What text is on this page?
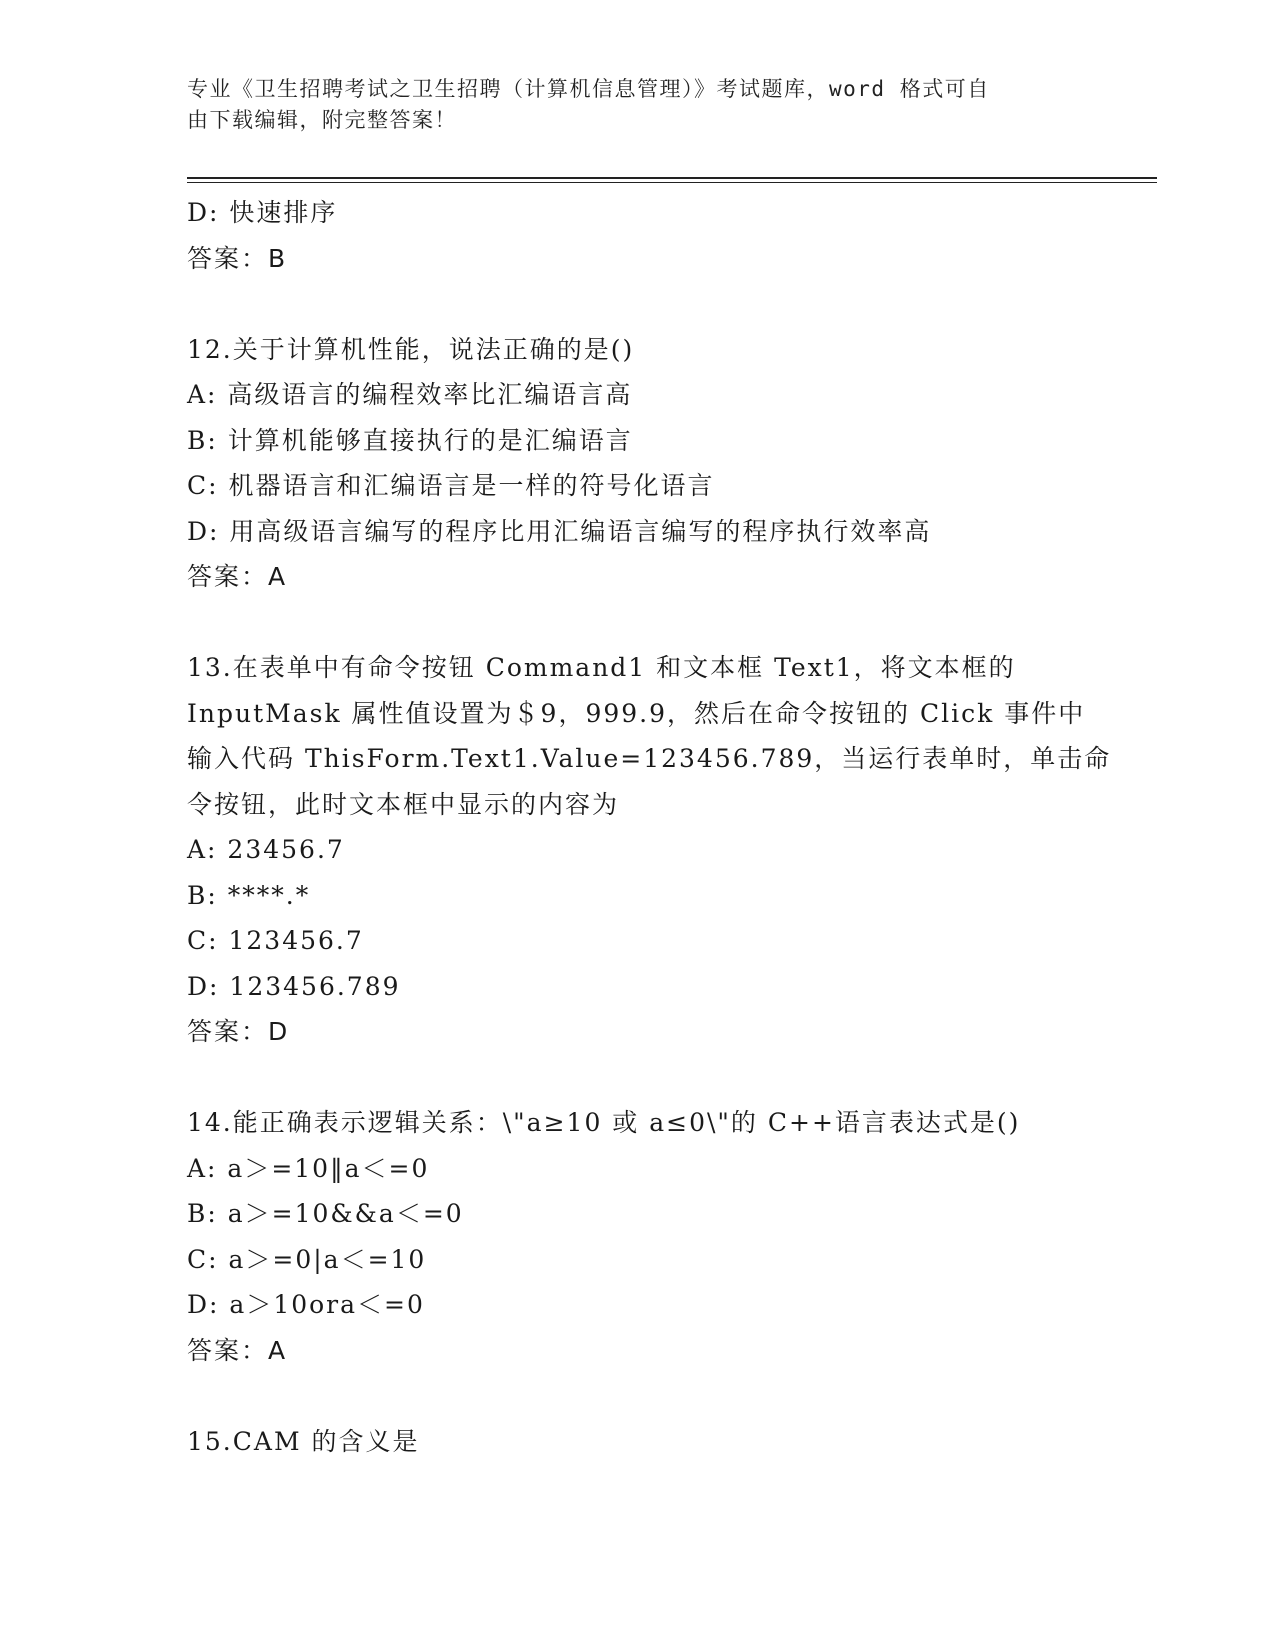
专业《卫生招聘考试之卫生招聘（计算机信息管理）》考试题库，word 格式可自
由下载编辑，附完整答案！
D: 快速排序
答案：B
12.关于计算机性能，说法正确的是()
A: 高级语言的编程效率比汇编语言高
B: 计算机能够直接执行的是汇编语言
C: 机器语言和汇编语言是一样的符号化语言
D: 用高级语言编写的程序比用汇编语言编写的程序执行效率高
答案：A
13.在表单中有命令按钮 Command1 和文本框 Text1，将文本框的
InputMask 属性值设置为＄9，999.9，然后在命令按钮的 Click 事件中
输入代码 ThisForm.Text1.Value=123456.789，当运行表单时，单击命
令按钮，此时文本框中显示的内容为
A: 23456.7
B: ****.*
C: 123456.7
D: 123456.789
答案：D
14.能正确表示逻辑关系：\"a≥10 或 a≤0\"的 C++语言表达式是()
A: a＞=10‖a＜=0
B: a＞=10&&a＜=0
C: a＞=0|a＜=10
D: a＞10ora＜=0
答案：A
15.CAM 的含义是
